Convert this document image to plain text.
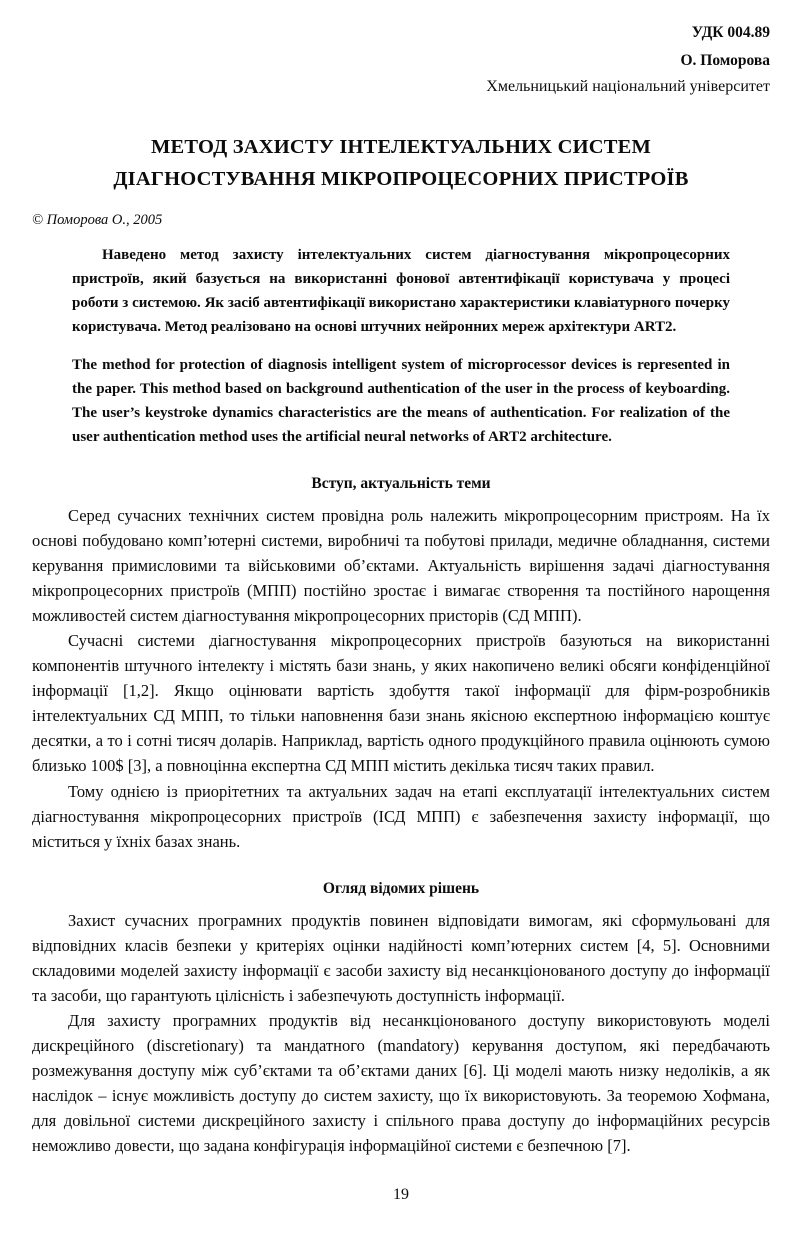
УДК 004.89
О. Поморова
Хмельницький національний університет
МЕТОД ЗАХИСТУ ІНТЕЛЕКТУАЛЬНИХ СИСТЕМ
ДІАГНОСТУВАННЯ МІКРОПРОЦЕСОРНИХ ПРИСТРОЇВ
© Поморова О., 2005

Наведено метод захисту інтелектуальних систем діагностування мікропроцесорних пристроїв, який базується на використанні фонової автентифікації користувача у процесі роботи з системою. Як засіб автентифікації використано характеристики клавіатурного почерку користувача. Метод реалізовано на основі штучних нейронних мереж архітектури ART2.

The method for protection of diagnosis intelligent system of microprocessor devices is represented in the paper. This method based on background authentication of the user in the process of keyboarding. The user’s keystroke dynamics characteristics are the means of authentication. For realization of the user authentication method uses the artificial neural networks of ART2 architecture.

Вступ, актуальність теми

Серед сучасних технічних систем провідна роль належить мікропроцесорним пристроям. На їх основі побудовано комп’ютерні системи, виробничі та побутові прилади, медичне обладнання, системи керування примисловими та військовими об’єктами. Актуальність вирішення задачі діагностування мікропроцесорних пристроїв (МПП) постійно зростає і вимагає створення та постійного нарощення можливостей систем діагностування мікропроцесорних присторів (СД МПП).

Сучасні системи діагностування мікропроцесорних пристроїв базуються на використанні компонентів штучного інтелекту і містять бази знань, у яких накопичено великі обсяги конфіденційної інформації [1,2]. Якщо оцінювати вартість здобуття такої інформації для фірм-розробників інтелектуальних СД МПП, то тільки наповнення бази знань якісною експертною інформацією коштує десятки, а то і сотні тисяч доларів. Наприклад, вартість одного продукційного правила оцінюють сумою близько 100$ [3], а повноцінна експертна СД МПП містить декілька тисяч таких правил.

Тому однією із приорітетних та актуальних задач на етапі експлуатації інтелектуальних систем діагностування мікропроцесорних пристроїв (ІСД МПП) є забезпечення захисту інформації, що міститься у їхніх базах знань.

Огляд відомих рішень

Захист сучасних програмних продуктів повинен відповідати вимогам, які сформульовані для відповідних класів безпеки у критеріях оцінки надійності комп’ютерних систем [4, 5]. Основними складовими моделей захисту інформації є засоби захисту від несанкціонованого доступу до інформації та засоби, що гарантують цілісність і забезпечують доступність інформації.

Для захисту програмних продуктів від несанкціонованого доступу використовують моделі дискреційного (discretionary) та мандатного (mandatory) керування доступом, які передбачають розмежування доступу між суб’єктами та об’єктами даних [6]. Ці моделі мають низку недоліків, а як наслідок – існує можливість доступу до систем захисту, що їх використовують. За теоремою Хофмана, для довільної системи дискреційного захисту і спільного права доступу до інформаційних ресурсів неможливо довести, що задана конфігурація інформаційної системи є безпечною [7].

19
